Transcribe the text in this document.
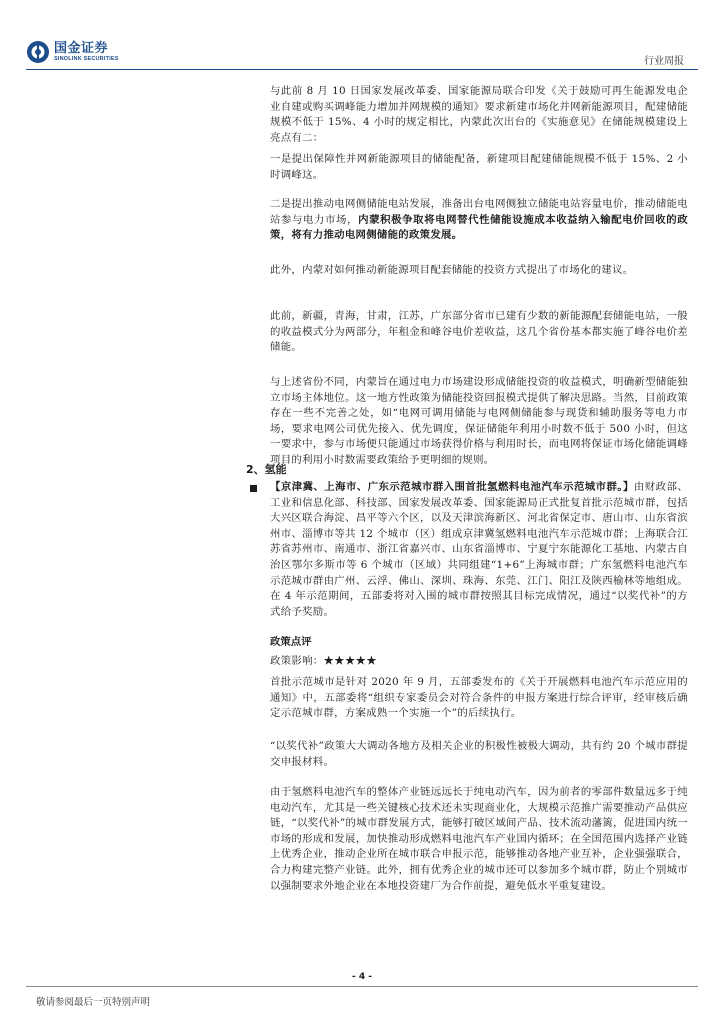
国金证券
SINOLINK SECURITIES	行业周报
与此前 8 月 10 日国家发展改革委、国家能源局联合印发《关于鼓励可再生能源发电企业自建或购买调峰能力增加并网规模的通知》要求新建市场化并网新能源项目，配建储能规模不低于 15%、4 小时的规定相比，内蒙此次出台的《实施意见》在储能规模建设上亮点有二：
一是提出保障性并网新能源项目的储能配备，新建项目配建储能规模不低于 15%、2 小时调峰这。
二是提出推动电网侧储能电站发展，准备出台电网侧独立储能电站容量电价，推动储能电站参与电力市场，内蒙积极争取将电网替代性储能设施成本收益纳入输配电价回收的政策，将有力推动电网侧储能的政策发展。
此外，内蒙对如何推动新能源项目配套储能的投资方式提出了市场化的建议。
此前，新疆，青海，甘肃，江苏，广东部分省市已建有少数的新能源配套储能电站，一般的收益模式分为两部分，年租金和峰谷电价差收益，这几个省份基本都实施了峰谷电价差储能。
与上述省份不同，内蒙旨在通过电力市场建设形成储能投资的收益模式，明确新型储能独立市场主体地位。这一地方性政策为储能投资回报模式提供了解决思路。当然，目前政策存在一些不完善之处，如“电网可调用储能与电网侧储能参与现货和辅助服务等电力市场，要求电网公司优先接入、优先调度，保证储能年利用小时数不低于 500 小时，但这一要求中，参与市场便只能通过市场获得价格与利用时长，而电网将保证市场化储能调峰项目的利用小时数需要政策给予更明细的规则。
2、氢能
【京津冀、上海市、广东示范城市群入围首批氢燃料电池汽车示范城市群。】由财政部、工业和信息化部、科技部、国家发展改革委、国家能源局正式批复首批示范城市群，包括大兴区联合海淀、昌平等六个区，以及天津滨海新区、河北省保定市、唐山市、山东省滨州市、淄博市等共 12 个城市（区）组成京津冀氢燃料电池汽车示范城市群；上海联合江苏省苏州市、南通市、浙江省嘉兴市、山东省淄博市、宁夏宁东能源化工基地、内蒙古自治区鄂尔多斯市等 6 个城市（区域）共同组建“1+6”上海城市群；广东氢燃料电池汽车示范城市群由广州、云浮、佛山、深圳、珠海、东莞、江门、阳江及陕西榆林等地组成。在 4 年示范期间，五部委将对入围的城市群按照其目标完成情况，通过“以奖代补”的方式给予奖励。
政策点评
政策影响：★★★★★
首批示范城市是针对 2020 年 9 月，五部委发布的《关于开展燃料电池汽车示范应用的通知》中，五部委将“组织专家委员会对符合条件的申报方案进行综合评审，经审核后确定示范城市群，方案成熟一个实施一个”的后续执行。
“以奖代补”政策大大调动各地方及相关企业的积极性被极大调动，共有约 20 个城市群提交申报材料。
由于氢燃料电池汽车的整体产业链远远长于纯电动汽车，因为前者的零部件数量远多于纯电动汽车，尤其是一些关键核心技术还未实现商业化，大规模示范推广需要推动产品供应链，“以奖代补”的城市群发展方式，能够打破区域间产品、技术流动藩篱，促进国内统一市场的形成和发展，加快推动形成燃料电池汽车产业国内循环；在全国范围内选择产业链上优秀企业，推动企业所在城市联合申报示范，能够推动各地产业互补，企业强强联合，合力构建完整产业链。此外，拥有优秀企业的城市还可以参加多个城市群，防止个别城市以强制要求外地企业在本地投资建厂为合作前提，避免低水平重复建设。
- 4 -
敬请参阅最后一页特别声明
